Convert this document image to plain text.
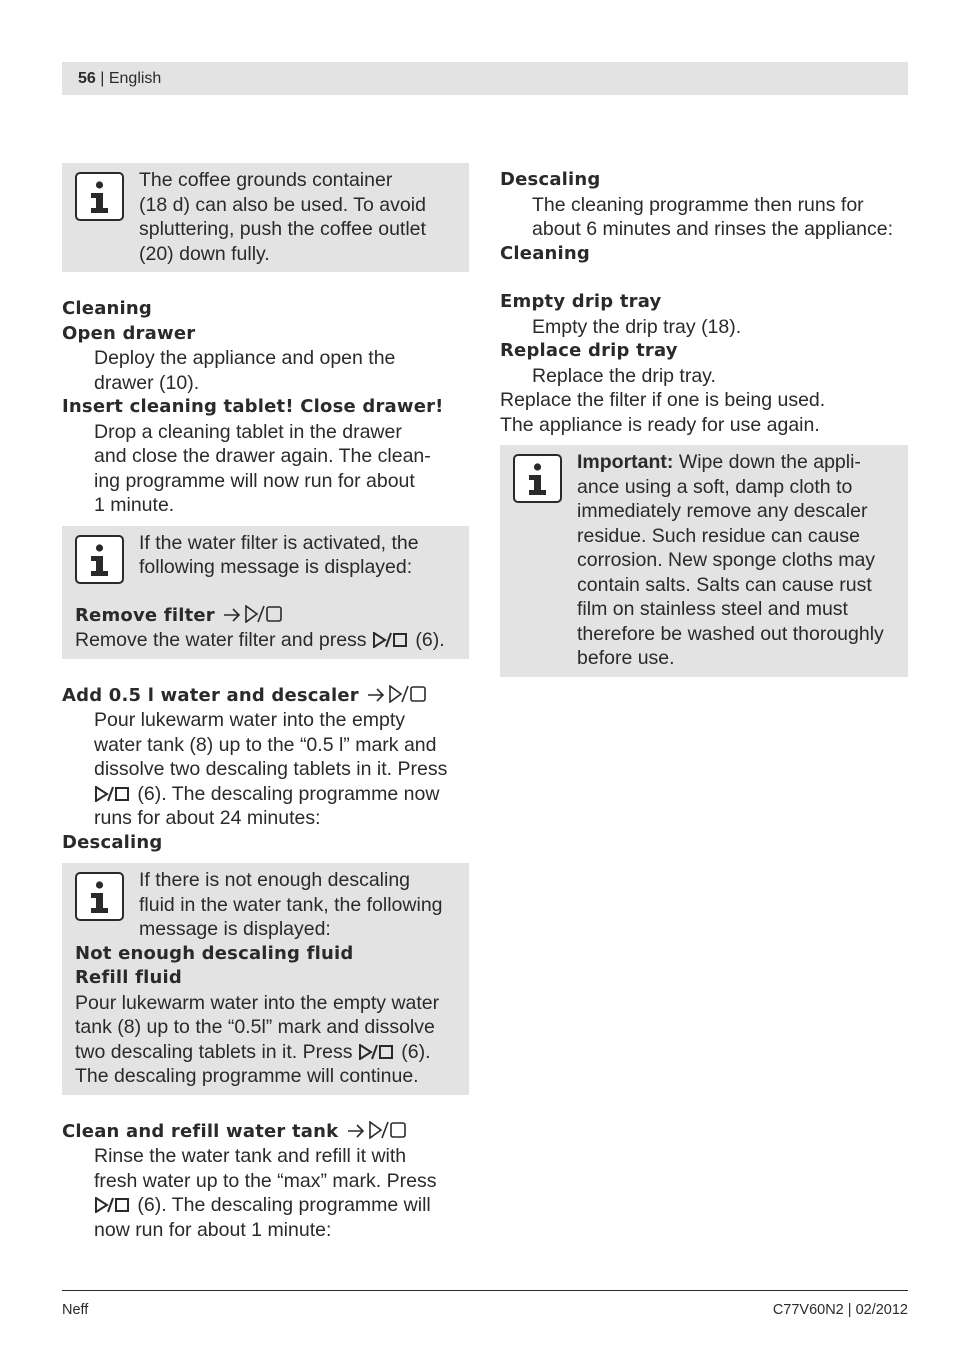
56 | English
The coffee grounds container
(18 d) can also be used. To avoid
spluttering, push the coffee outlet
(20) down fully.
Cleaning
Open drawer
Deploy the appliance and open the
drawer (10).
Insert cleaning tablet! Close drawer!
Drop a cleaning tablet in the drawer
and close the drawer again. The clean-
ing programme will now run for about
1 minute.
If the water filter is activated, the
following message is displayed:
Remove filter
Remove the water filter and press  (6).
Add 0.5 l water and descaler
Pour lukewarm water into the empty
water tank (8) up to the “0.5 l” mark and
dissolve two descaling tablets in it. Press
(6). The descaling programme now
runs for about 24 minutes:
Descaling
If there is not enough descaling
fluid in the water tank, the following
message is displayed:
Not enough descaling fluid
Refill fluid
Pour lukewarm water into the empty water
tank (8) up to the “0.5l” mark and dissolve
two descaling tablets in it. Press  (6).
The descaling programme will continue.
Clean and refill water tank
Rinse the water tank and refill it with
fresh water up to the “max” mark. Press
(6). The descaling programme will
now run for about 1 minute:
Descaling
The cleaning programme then runs for
about 6 minutes and rinses the appliance:
Cleaning
Empty drip tray
Empty the drip tray (18).
Replace drip tray
Replace the drip tray.
Replace the filter if one is being used.
The appliance is ready for use again.
Important: Wipe down the appli-
ance using a soft, damp cloth to
immediately remove any descaler
residue. Such residue can cause
corrosion. New sponge cloths may
contain salts. Salts can cause rust
film on stainless steel and must
therefore be washed out thoroughly
before use.
Neff	C77V60N2 | 02/2012
